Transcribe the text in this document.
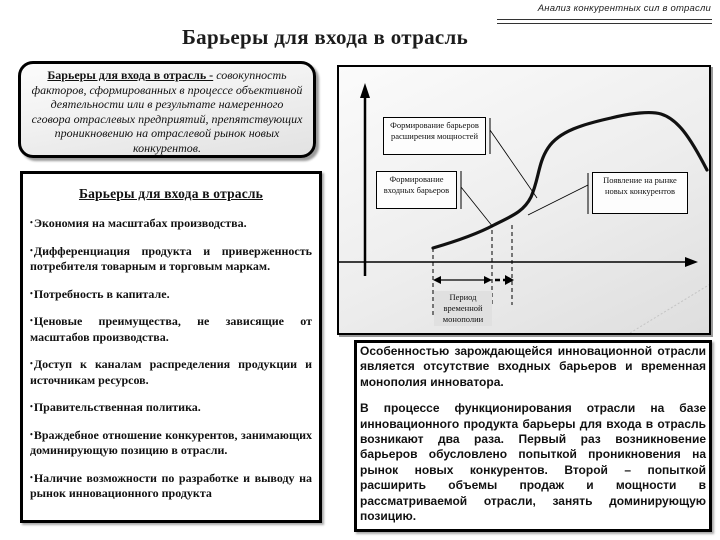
Анализ конкурентных сил в отрасли
Барьеры для входа в отрасль
Барьеры для входа в отрасль - совокупность факторов, сформированных в процессе объективной деятельности или в результате намеренного сговора отраслевых предприятий, препятствующих проникновению на отраслевой рынок новых конкурентов.
Барьеры для входа в отрасль
• Экономия на масштабах производства.
• Дифференциация продукта и приверженность потребителя товарным и торговым маркам.
• Потребность в капитале.
• Ценовые преимущества, не зависящие от масштабов производства.
• Доступ к каналам распределения продукции и источникам ресурсов.
• Правительственная политика.
• Враждебное отношение конкурентов, занимающих доминирующую позицию в отрасли.
• Наличие возможности по разработке и выводу на рынок инновационного продукта
Формирование барьеров расширения мощностей
Формирование входных барьеров
Появление на рынке новых конкурентов
Период временной монополии
Особенностью зарождающейся инновационной отрасли является отсутствие входных барьеров и временная монополия инноватора.
В процессе функционирования отрасли на базе инновационного продукта барьеры для входа в отрасль возникают два раза. Первый раз возникновение барьеров обусловлено попыткой проникновения на рынок новых конкурентов. Второй – попыткой расширить объемы продаж и мощности в рассматриваемой отрасли, занять доминирующую позицию.
